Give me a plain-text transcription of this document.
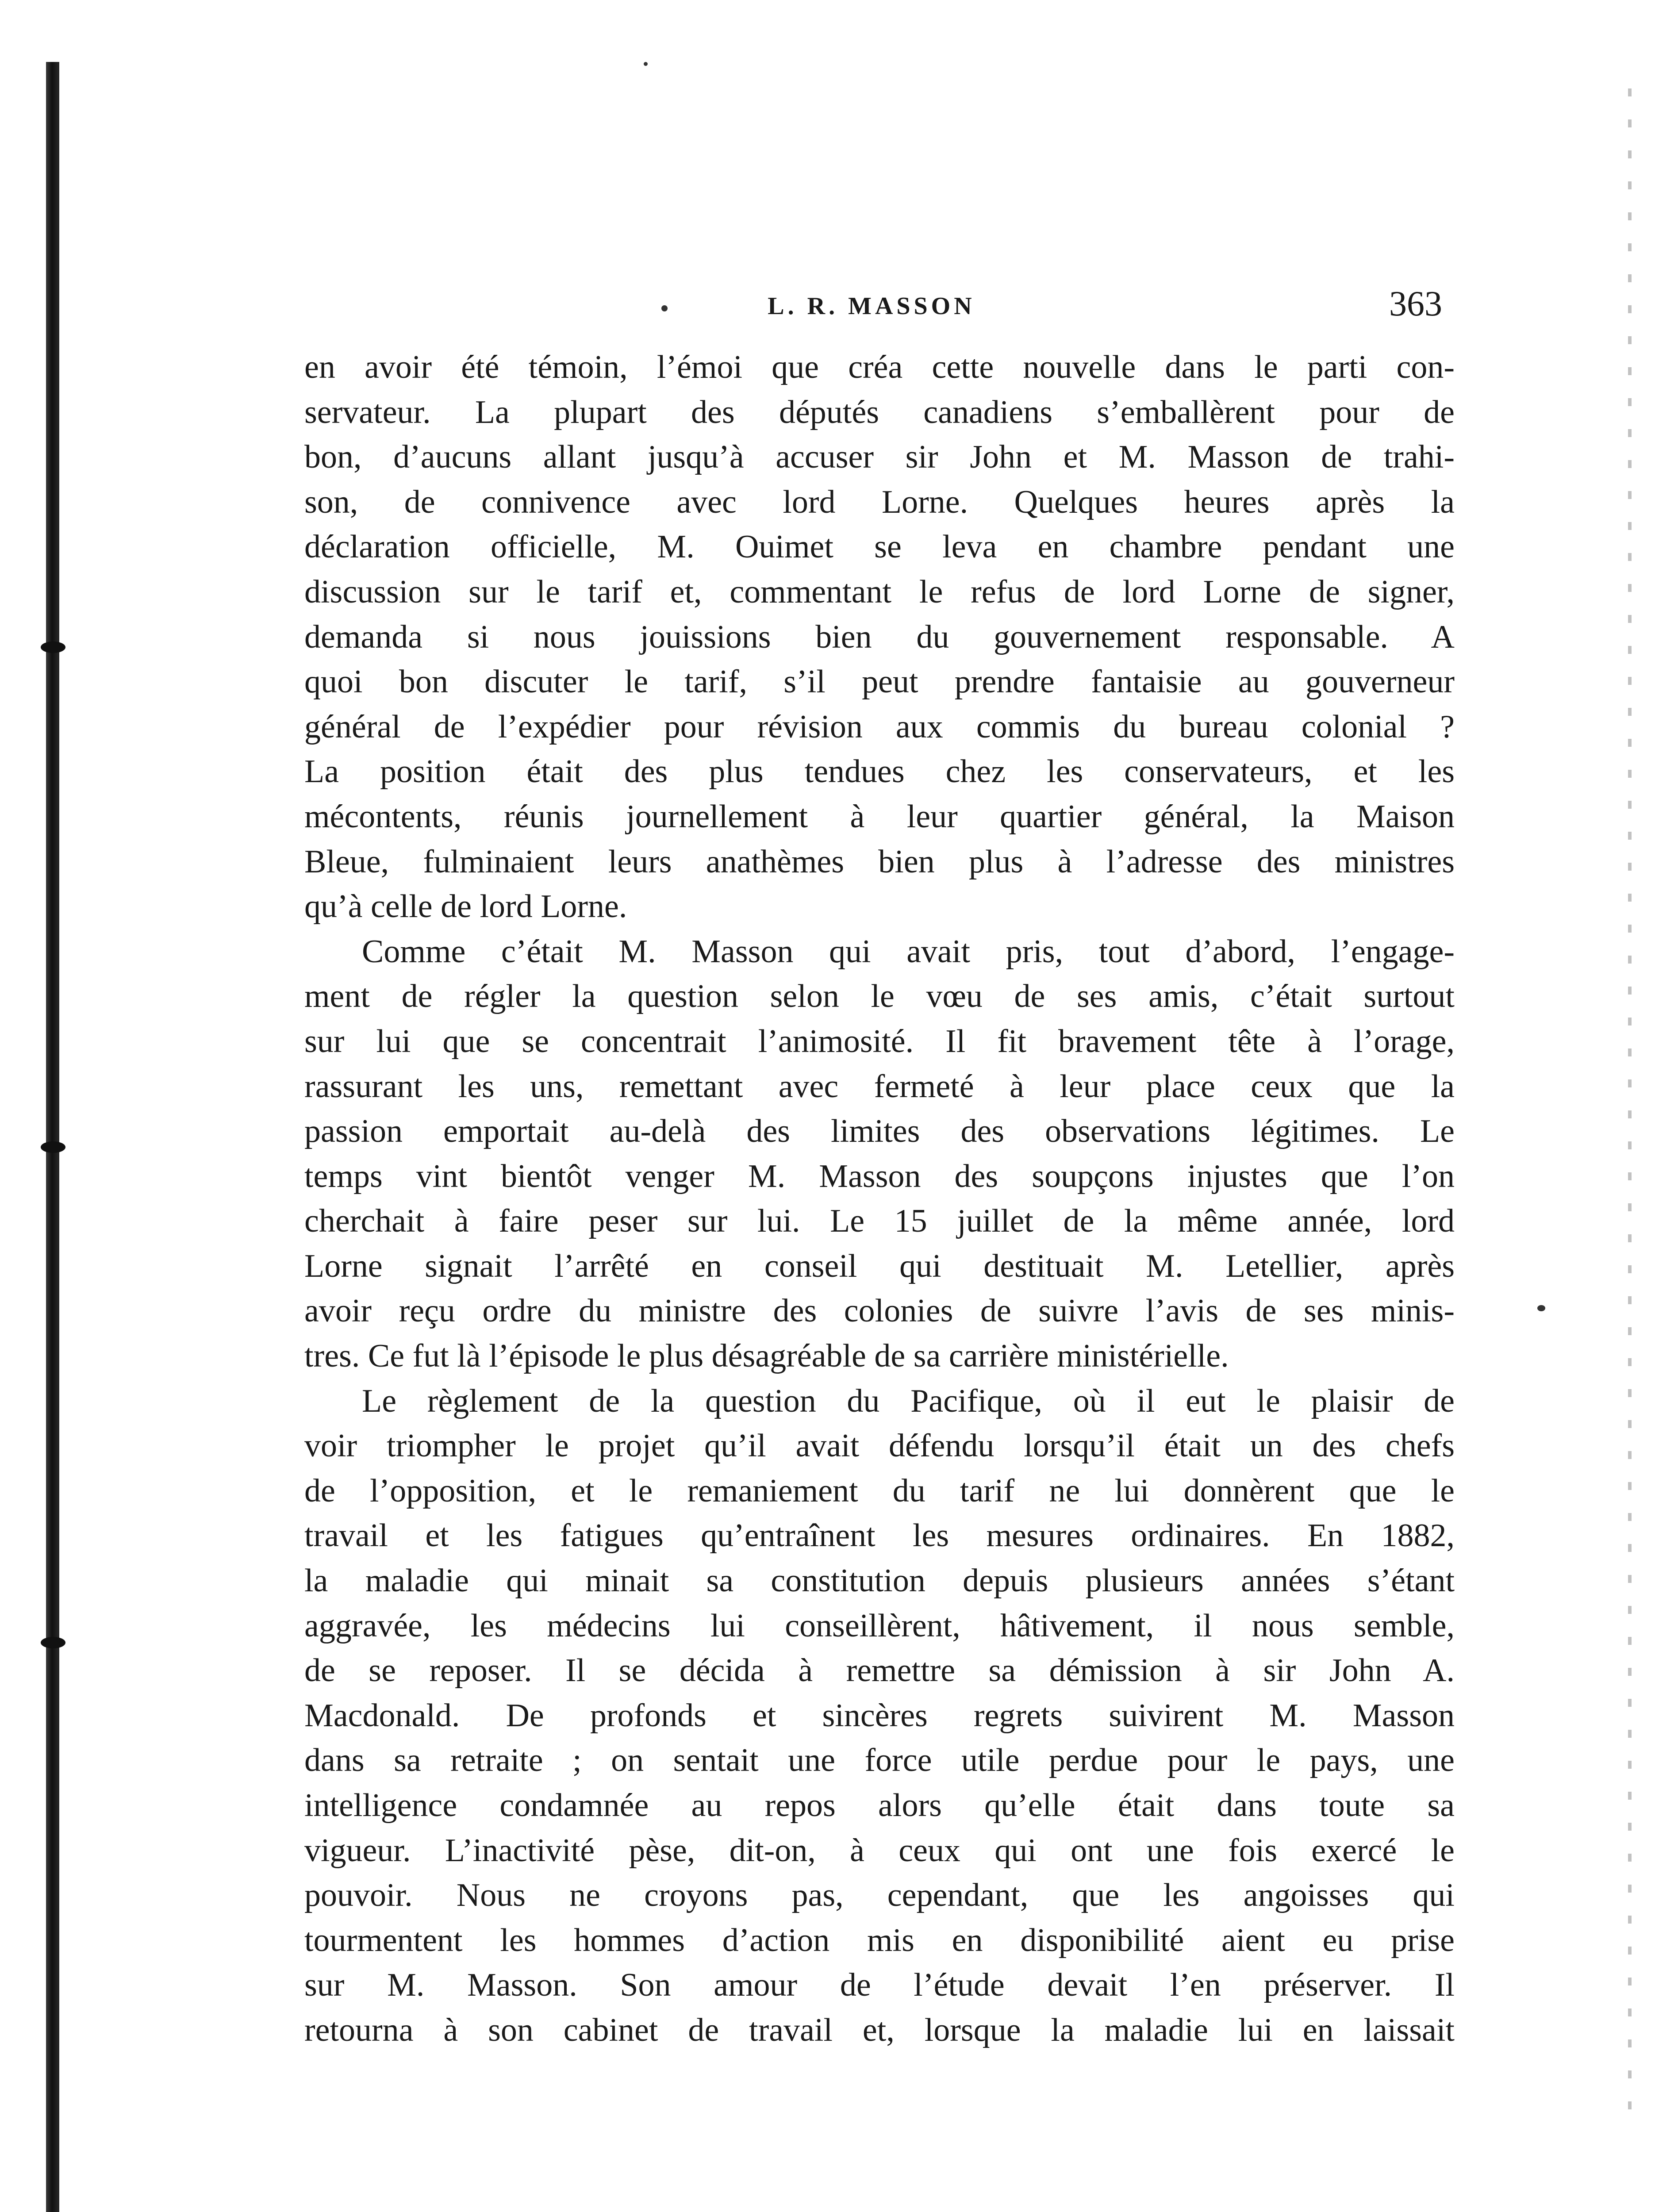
L. R. MASSON	363
en avoir été témoin, l’émoi que créa cette nouvelle dans le parti con-
servateur. La plupart des députés canadiens s’emballèrent pour de
bon, d’aucuns allant jusqu’à accuser sir John et M. Masson de trahi-
son, de connivence avec lord Lorne. Quelques heures après la
déclaration officielle, M. Ouimet se leva en chambre pendant une
discussion sur le tarif et, commentant le refus de lord Lorne de signer,
demanda si nous jouissions bien du gouvernement responsable. A
quoi bon discuter le tarif, s’il peut prendre fantaisie au gouverneur
général de l’expédier pour révision aux commis du bureau colonial ?
La position était des plus tendues chez les conservateurs, et les
mécontents, réunis journellement à leur quartier général, la Maison
Bleue, fulminaient leurs anathèmes bien plus à l’adresse des ministres
qu’à celle de lord Lorne.
Comme c’était M. Masson qui avait pris, tout d’abord, l’engage-
ment de régler la question selon le vœu de ses amis, c’était surtout
sur lui que se concentrait l’animosité. Il fit bravement tête à l’orage,
rassurant les uns, remettant avec fermeté à leur place ceux que la
passion emportait au-delà des limites des observations légitimes. Le
temps vint bientôt venger M. Masson des soupçons injustes que l’on
cherchait à faire peser sur lui. Le 15 juillet de la même année, lord
Lorne signait l’arrêté en conseil qui destituait M. Letellier, après
avoir reçu ordre du ministre des colonies de suivre l’avis de ses minis-
tres. Ce fut là l’épisode le plus désagréable de sa carrière ministérielle.
Le règlement de la question du Pacifique, où il eut le plaisir de
voir triompher le projet qu’il avait défendu lorsqu’il était un des chefs
de l’opposition, et le remaniement du tarif ne lui donnèrent que le
travail et les fatigues qu’entraînent les mesures ordinaires. En 1882,
la maladie qui minait sa constitution depuis plusieurs années s’étant
aggravée, les médecins lui conseillèrent, hâtivement, il nous semble,
de se reposer. Il se décida à remettre sa démission à sir John A.
Macdonald. De profonds et sincères regrets suivirent M. Masson
dans sa retraite ; on sentait une force utile perdue pour le pays, une
intelligence condamnée au repos alors qu’elle était dans toute sa
vigueur. L’inactivité pèse, dit-on, à ceux qui ont une fois exercé le
pouvoir. Nous ne croyons pas, cependant, que les angoisses qui
tourmentent les hommes d’action mis en disponibilité aient eu prise
sur M. Masson. Son amour de l’étude devait l’en préserver. Il
retourna à son cabinet de travail et, lorsque la maladie lui en laissait
